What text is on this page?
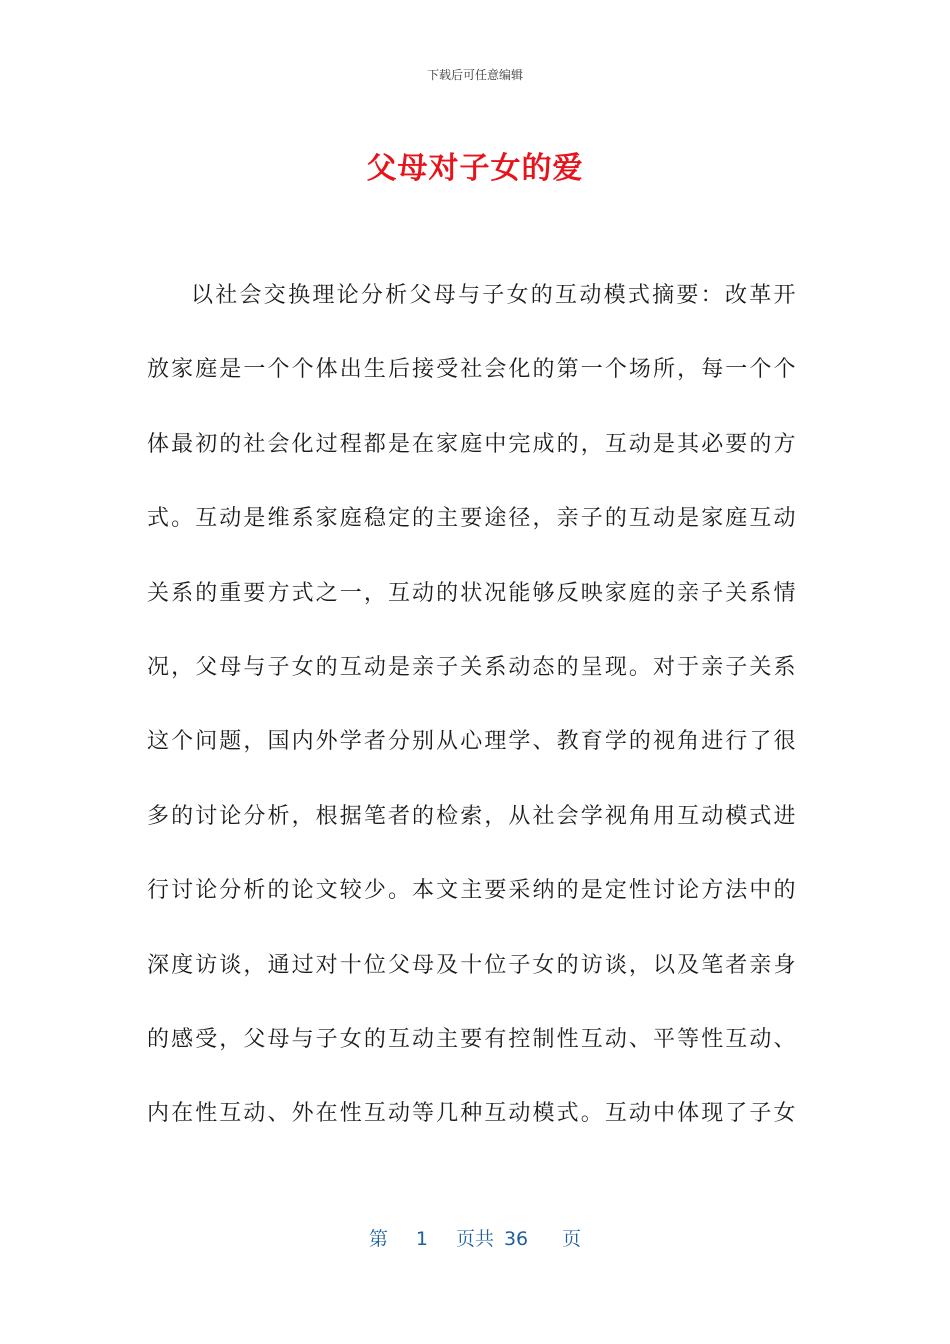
下载后可任意编辑
父母对子女的爱
以社会交换理论分析父母与子女的互动模式摘要：改革开
放家庭是一个个体出生后接受社会化的第一个场所，每一个个
体最初的社会化过程都是在家庭中完成的，互动是其必要的方
式。互动是维系家庭稳定的主要途径，亲子的互动是家庭互动
关系的重要方式之一，互动的状况能够反映家庭的亲子关系情
况，父母与子女的互动是亲子关系动态的呈现。对于亲子关系
这个问题，国内外学者分别从心理学、教育学的视角进行了很
多的讨论分析，根据笔者的检索，从社会学视角用互动模式进
行讨论分析的论文较少。本文主要采纳的是定性讨论方法中的
深度访谈，通过对十位父母及十位子女的访谈，以及笔者亲身
的感受，父母与子女的互动主要有控制性互动、平等性互动、
内在性互动、外在性互动等几种互动模式。互动中体现了子女
第 1 页共 36 页
